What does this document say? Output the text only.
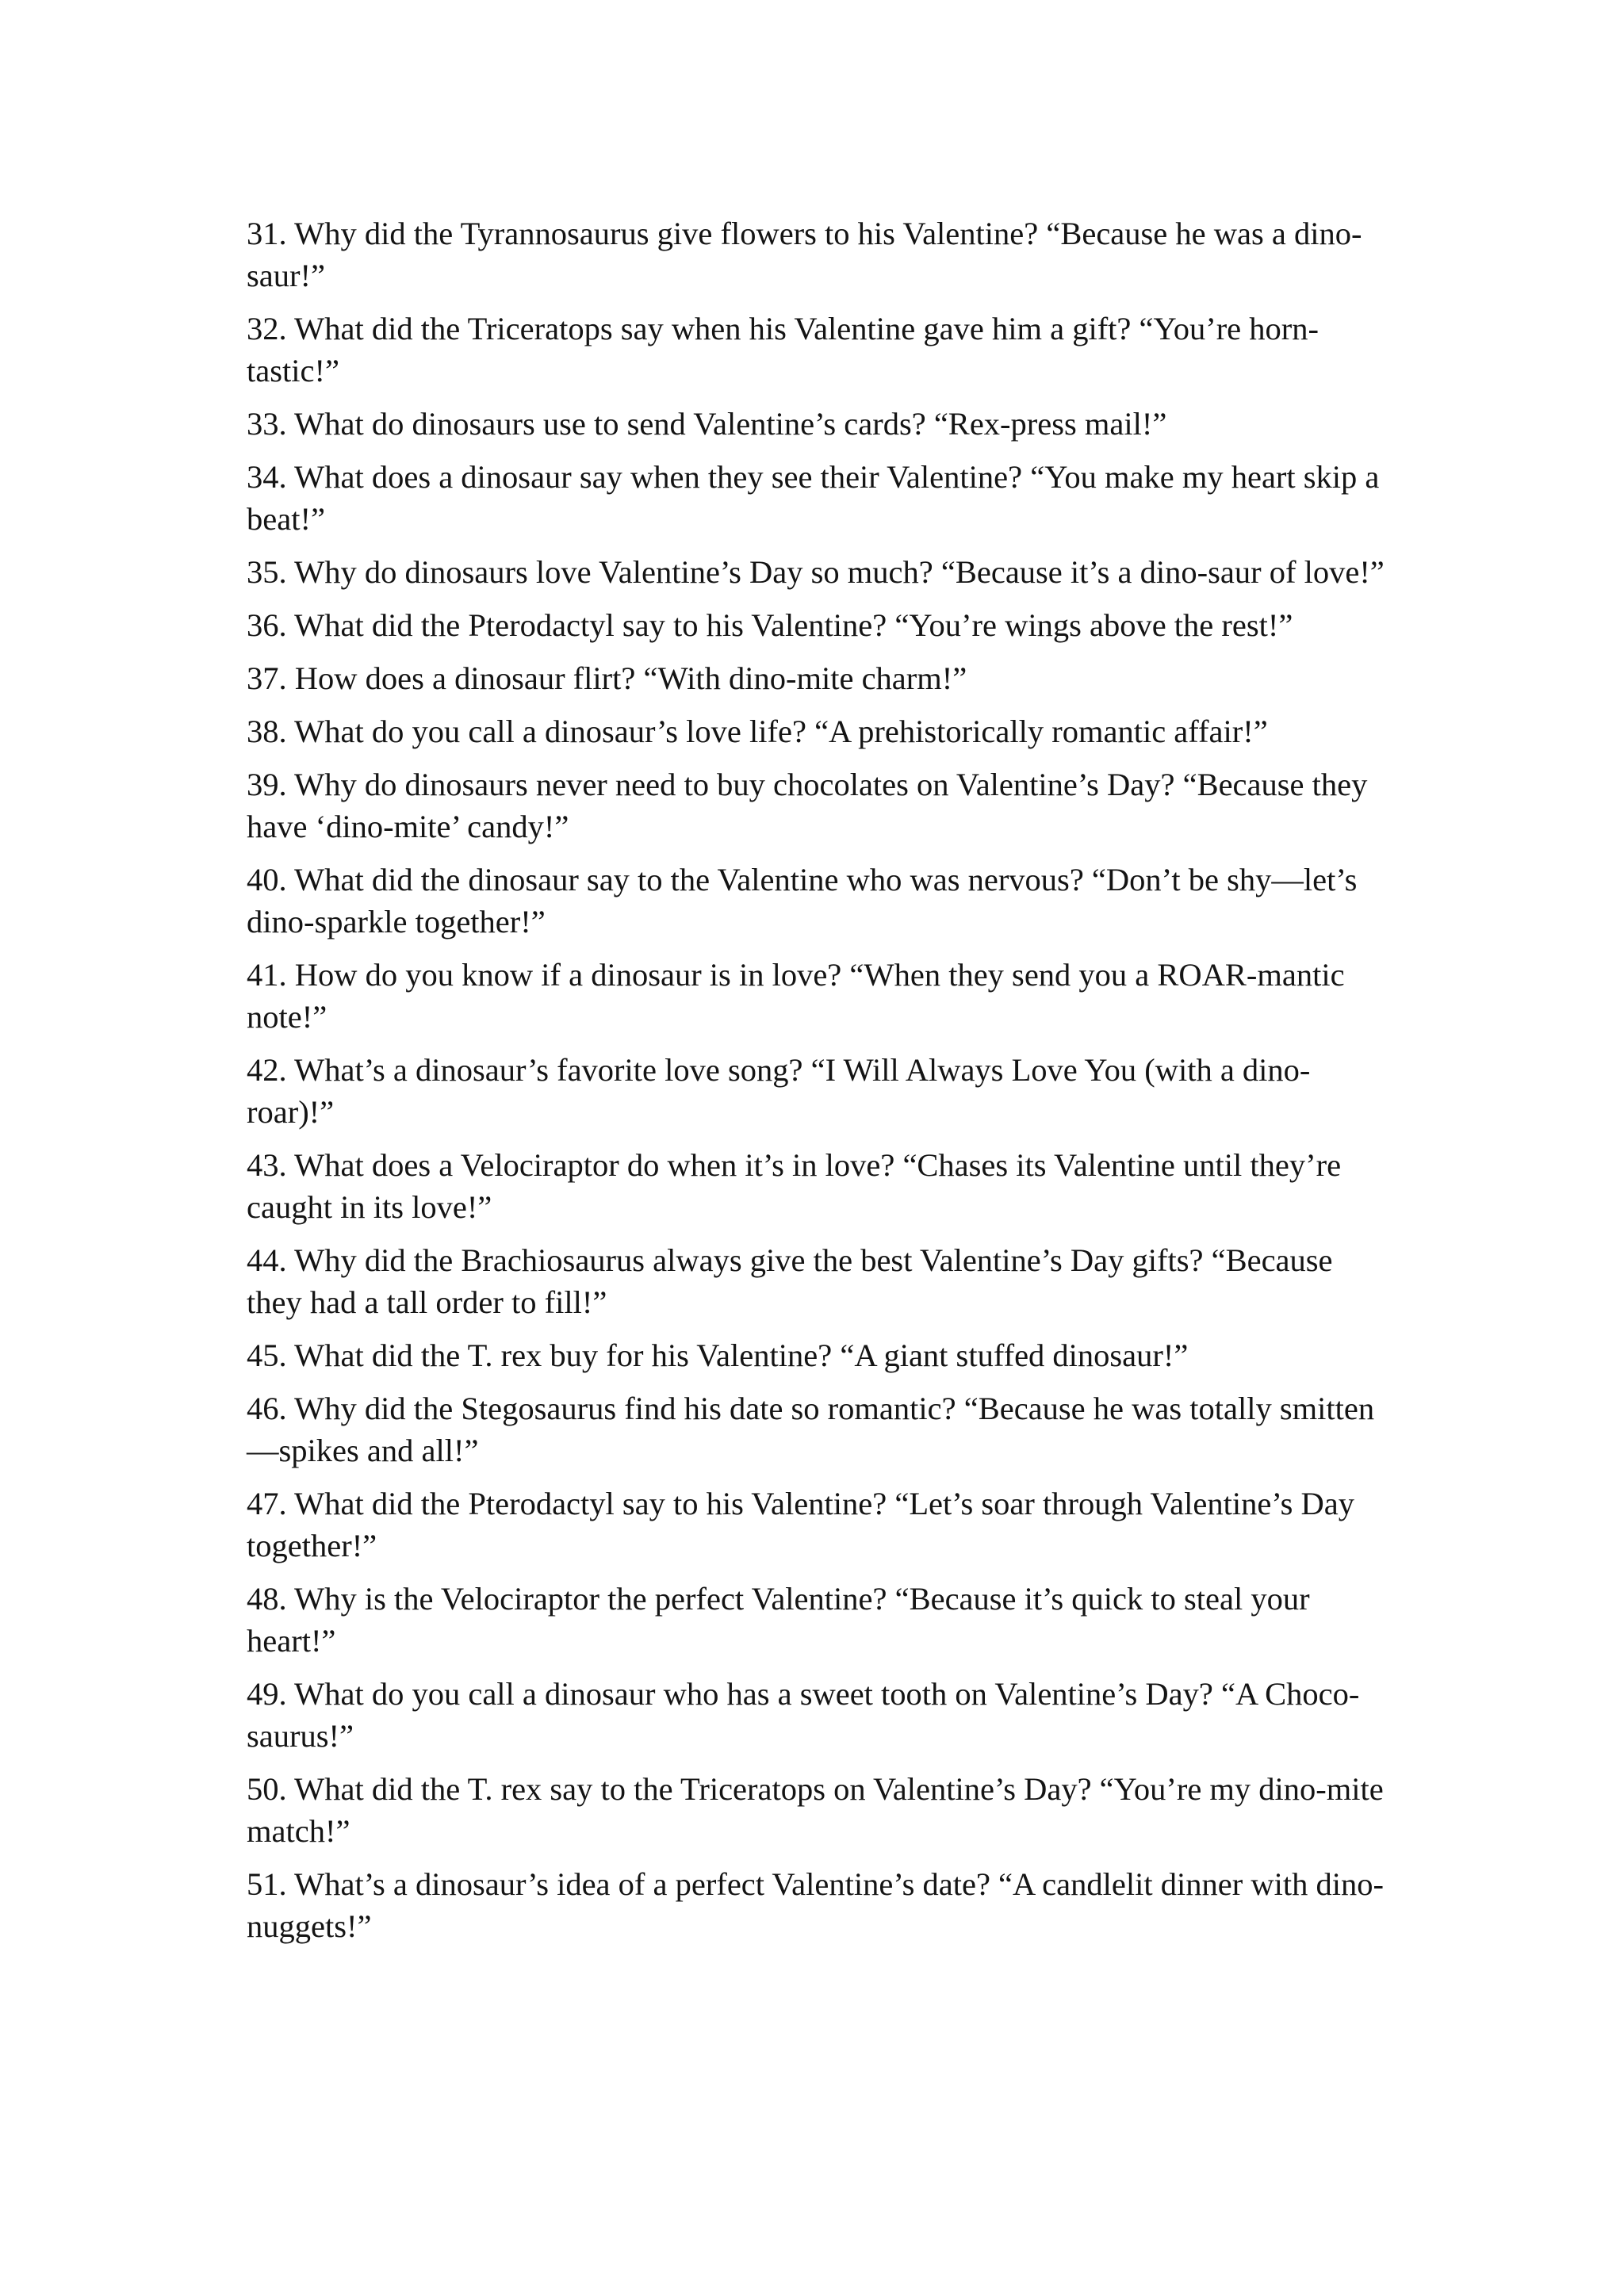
31. Why did the Tyrannosaurus give flowers to his Valentine? “Because he was a dino-saur!”
32. What did the Triceratops say when his Valentine gave him a gift? “You’re horn-tastic!”
33. What do dinosaurs use to send Valentine’s cards? “Rex-press mail!”
34. What does a dinosaur say when they see their Valentine? “You make my heart skip a beat!”
35. Why do dinosaurs love Valentine’s Day so much? “Because it’s a dino-saur of love!”
36. What did the Pterodactyl say to his Valentine? “You’re wings above the rest!”
37. How does a dinosaur flirt? “With dino-mite charm!”
38. What do you call a dinosaur’s love life? “A prehistorically romantic affair!”
39. Why do dinosaurs never need to buy chocolates on Valentine’s Day? “Because they have ‘dino-mite’ candy!”
40. What did the dinosaur say to the Valentine who was nervous? “Don’t be shy—let’s dino-sparkle together!”
41. How do you know if a dinosaur is in love? “When they send you a ROAR-mantic note!”
42. What’s a dinosaur’s favorite love song? “I Will Always Love You (with a dino-roar)!”
43. What does a Velociraptor do when it’s in love? “Chases its Valentine until they’re caught in its love!”
44. Why did the Brachiosaurus always give the best Valentine’s Day gifts? “Because they had a tall order to fill!”
45. What did the T. rex buy for his Valentine? “A giant stuffed dinosaur!”
46. Why did the Stegosaurus find his date so romantic? “Because he was totally smitten—spikes and all!”
47. What did the Pterodactyl say to his Valentine? “Let’s soar through Valentine’s Day together!”
48. Why is the Velociraptor the perfect Valentine? “Because it’s quick to steal your heart!”
49. What do you call a dinosaur who has a sweet tooth on Valentine’s Day? “A Choco-saurus!”
50. What did the T. rex say to the Triceratops on Valentine’s Day? “You’re my dino-mite match!”
51. What’s a dinosaur’s idea of a perfect Valentine’s date? “A candlelit dinner with dino-nuggets!”
